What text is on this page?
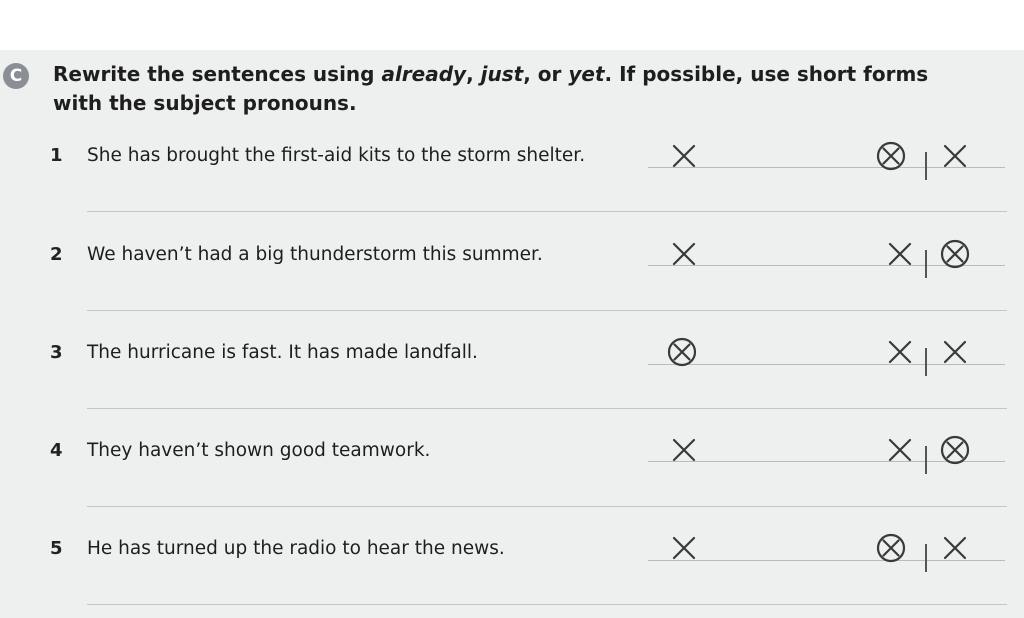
C	Rewrite the sentences using already, just, or yet. If possible, use short forms with the subject pronouns.
1	She has brought the first-aid kits to the storm shelter.
2	We haven’t had a big thunderstorm this summer.
3	The hurricane is fast. It has made landfall.
4	They haven’t shown good teamwork.
5	He has turned up the radio to hear the news.
